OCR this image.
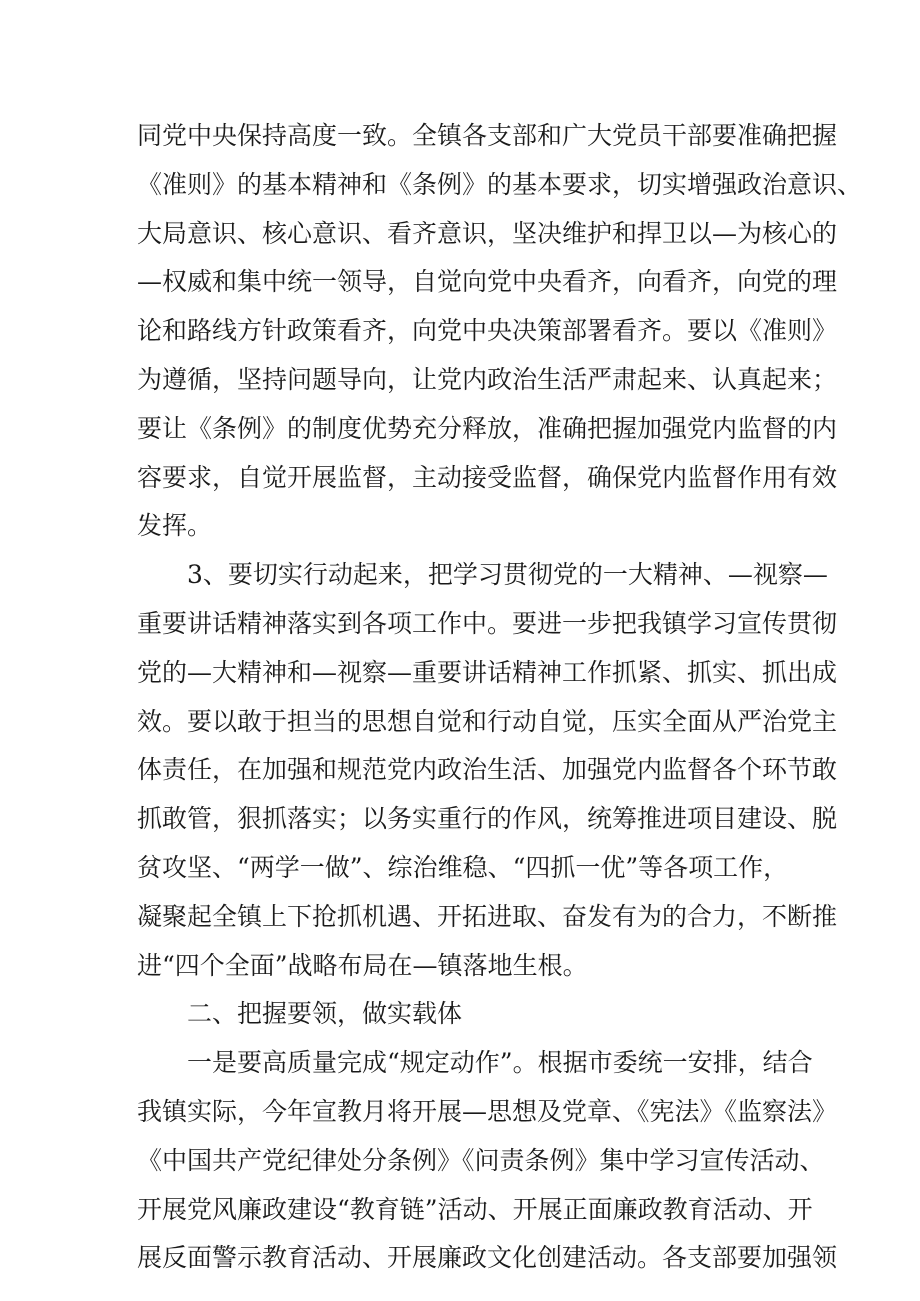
同党中央保持高度一致。全镇各支部和广大党员干部要准确把握
《准则》的基本精神和《条例》的基本要求，切实增强政治意识、
大局意识、核心意识、看齐意识，坚决维护和捍卫以—为核心的
—权威和集中统一领导，自觉向党中央看齐，向看齐，向党的理
论和路线方针政策看齐，向党中央决策部署看齐。要以《准则》
为遵循，坚持问题导向，让党内政治生活严肃起来、认真起来；
要让《条例》的制度优势充分释放，准确把握加强党内监督的内
容要求，自觉开展监督，主动接受监督，确保党内监督作用有效
发挥。
3、要切实行动起来，把学习贯彻党的一大精神、—视察—
重要讲话精神落实到各项工作中。要进一步把我镇学习宣传贯彻
党的—大精神和—视察—重要讲话精神工作抓紧、抓实、抓出成
效。要以敢于担当的思想自觉和行动自觉，压实全面从严治党主
体责任，在加强和规范党内政治生活、加强党内监督各个环节敢
抓敢管，狠抓落实；以务实重行的作风，统筹推进项目建设、脱
贫攻坚、“两学一做”、综治维稳、“四抓一优”等各项工作，
凝聚起全镇上下抢抓机遇、开拓进取、奋发有为的合力，不断推
进“四个全面”战略布局在—镇落地生根。
二、把握要领，做实载体
一是要高质量完成“规定动作”。根据市委统一安排，结合
我镇实际，今年宣教月将开展—思想及党章、《宪法》《监察法》
《中国共产党纪律处分条例》《问责条例》集中学习宣传活动、
开展党风廉政建设“教育链”活动、开展正面廉政教育活动、开
展反面警示教育活动、开展廉政文化创建活动。各支部要加强领
